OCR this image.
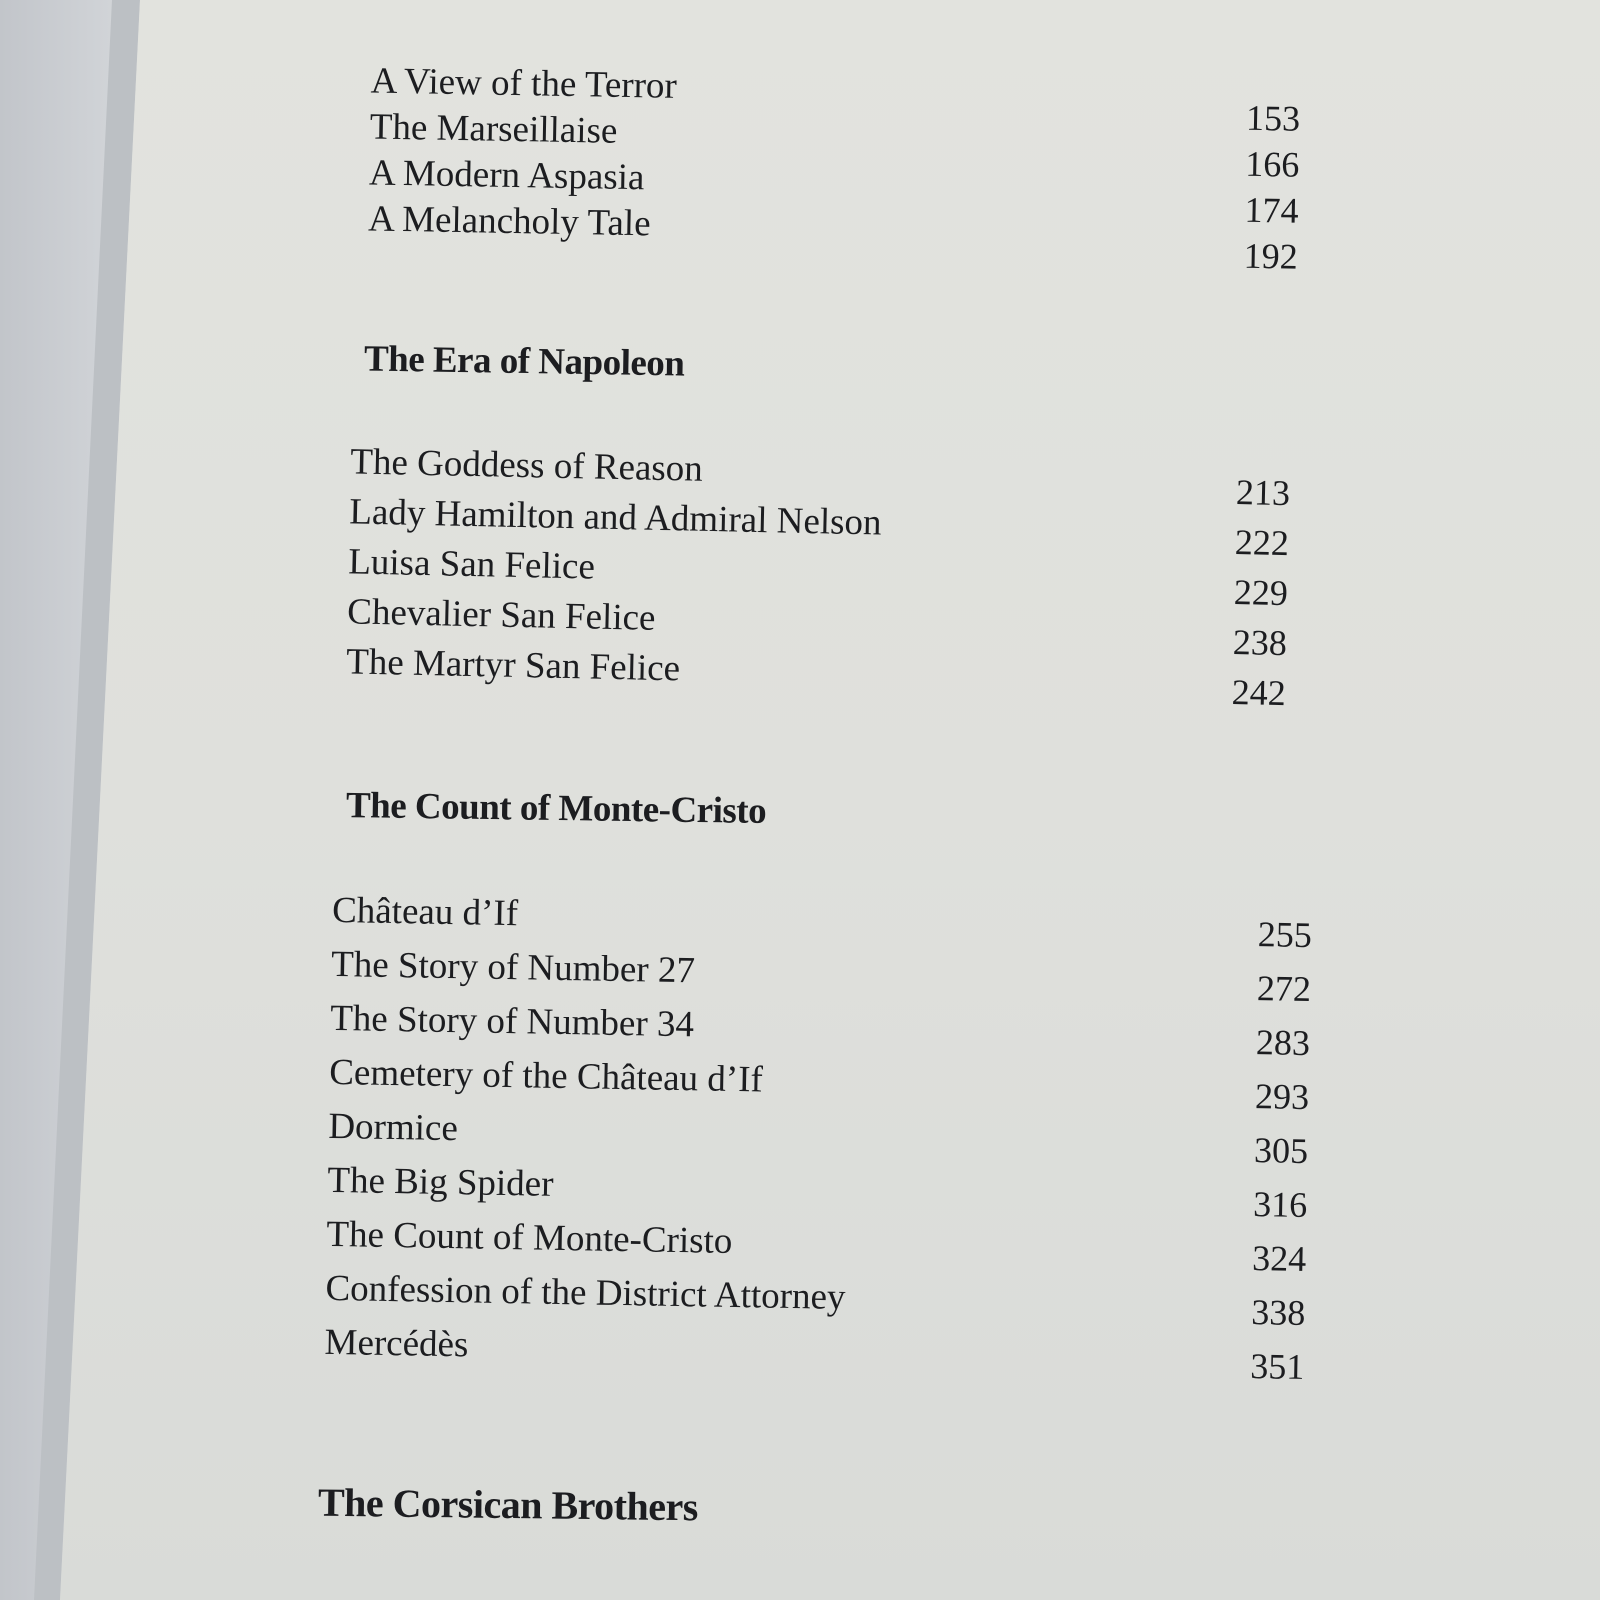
A View of the Terror	153
The Marseillaise	166
A Modern Aspasia	174
A Melancholy Tale	192
The Era of Napoleon
The Goddess of Reason	213
Lady Hamilton and Admiral Nelson	222
Luisa San Felice	229
Chevalier San Felice	238
The Martyr San Felice	242
The Count of Monte-Cristo
Château d’If	255
The Story of Number 27	272
The Story of Number 34	283
Cemetery of the Château d’If	293
Dormice	305
The Big Spider	316
The Count of Monte-Cristo	324
Confession of the District Attorney	338
Mercédès	351
The Corsican Brothers
